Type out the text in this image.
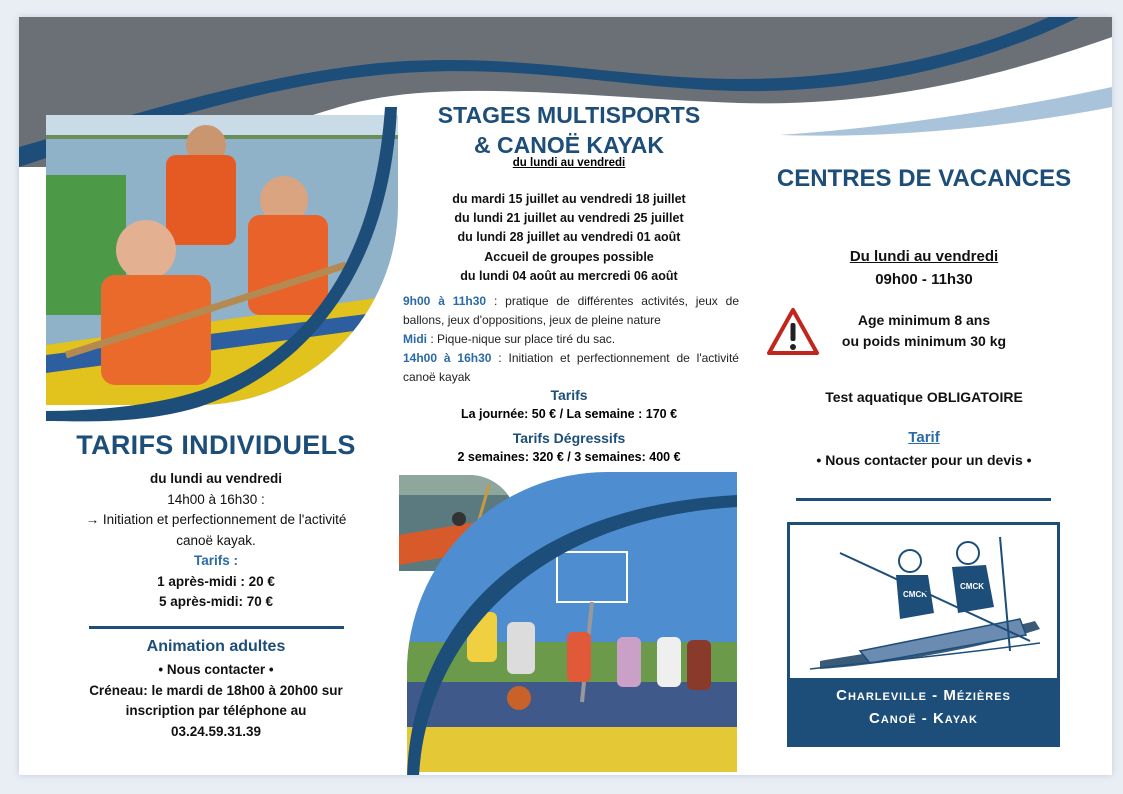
TARIFS INDIVIDUELS
du lundi au vendredi
14h00 à 16h30 :
→ Initiation et perfectionnement de l'activité
canoë kayak.
Tarifs :
1 après-midi : 20 €
5 après-midi: 70 €
Animation adultes
• Nous contacter •
Créneau: le mardi de 18h00 à 20h00 sur
inscription par téléphone au
03.24.59.31.39
STAGES MULTISPORTS
& CANOË KAYAK
du lundi au vendredi
du mardi 15 juillet au vendredi 18 juillet
du lundi 21 juillet au vendredi 25 juillet
du lundi 28 juillet au vendredi 01 août
Accueil de groupes possible
du lundi 04 août au mercredi 06 août

9h00 à 11h30 : pratique de différentes activités, jeux de ballons, jeux d'oppositions, jeux de pleine nature

Midi : Pique-nique sur place tiré du sac.

14h00 à 16h30 : Initiation et perfectionnement de l'activité canoë kayak

Tarifs
La journée: 50 € / La semaine : 170 €
Tarifs Dégressifs
2 semaines: 320 € / 3 semaines: 400 €
CENTRES DE VACANCES
Du lundi au vendredi
09h00 - 11h30
Age minimum 8 ans
ou poids minimum 30 kg
Test aquatique OBLIGATOIRE
Tarif
• Nous contacter pour un devis •
CMCK
CMCK
Charleville - Mézières
Canoë - Kayak
